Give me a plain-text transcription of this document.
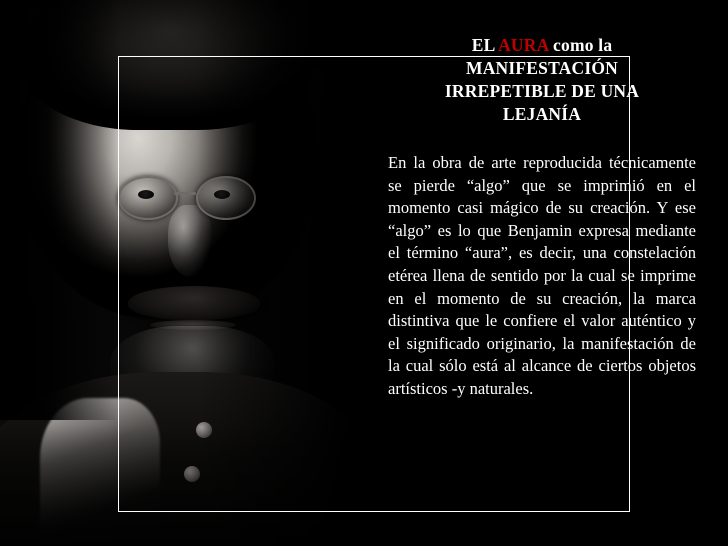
EL AURA como la
MANIFESTACIÓN
IRREPETIBLE DE UNA
LEJANÍA

En la obra de arte reproducida técnicamente se pierde “algo” que se imprimió en el momento casi mágico de su creación. Y ese “algo” es lo que Benjamin expresa mediante el término “aura”, es decir, una constelación etérea llena de sentido por la cual se imprime en el momento de su creación, la marca distintiva que le confiere el valor auténtico y el significado originario, la manifestación de la cual sólo está al alcance de ciertos objetos artísticos -y naturales.
